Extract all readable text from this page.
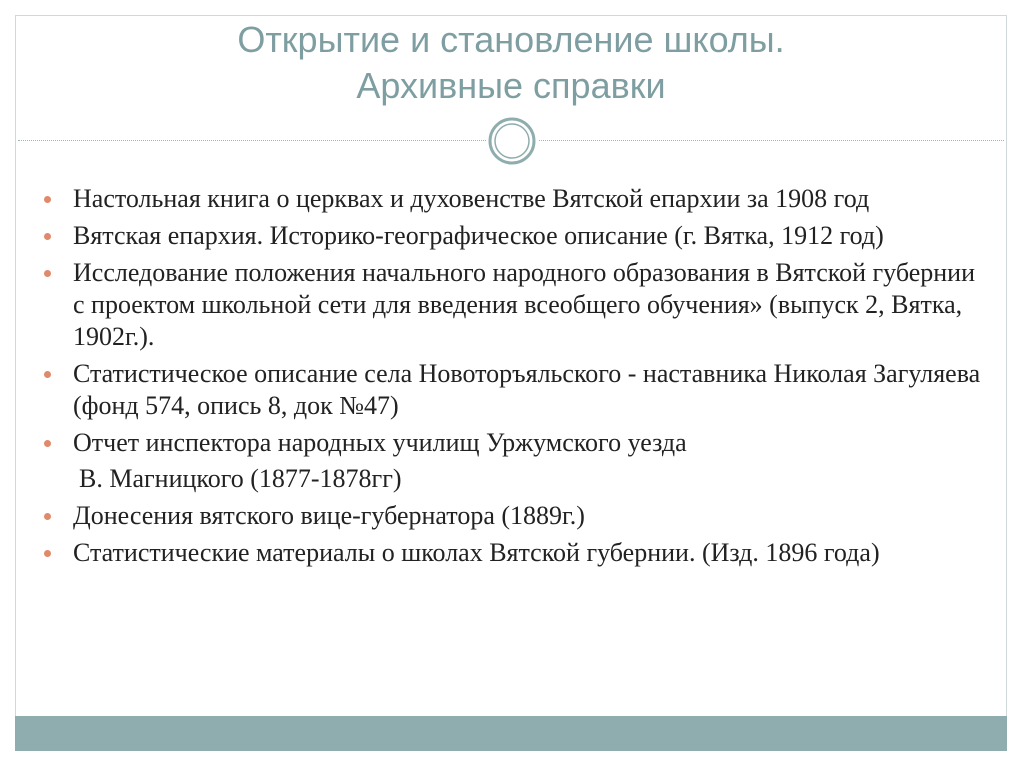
Открытие и становление школы.
Архивные справки
Настольная книга о церквах и духовенстве Вятской епархии за 1908 год
Вятская епархия. Историко-географическое описание (г. Вятка, 1912 год)
Исследование положения начального народного образования в Вятской губернии с проектом школьной сети для введения всеобщего обучения» (выпуск 2, Вятка, 1902г.).
Статистическое описание села Новоторъяльского - наставника Николая Загуляева (фонд 574, опись 8, док №47)
Отчет инспектора народных училищ Уржумского уезда
В. Магницкого (1877-1878гг)
Донесения вятского вице-губернатора (1889г.)
Статистические материалы о школах Вятской губернии. (Изд. 1896 года)
